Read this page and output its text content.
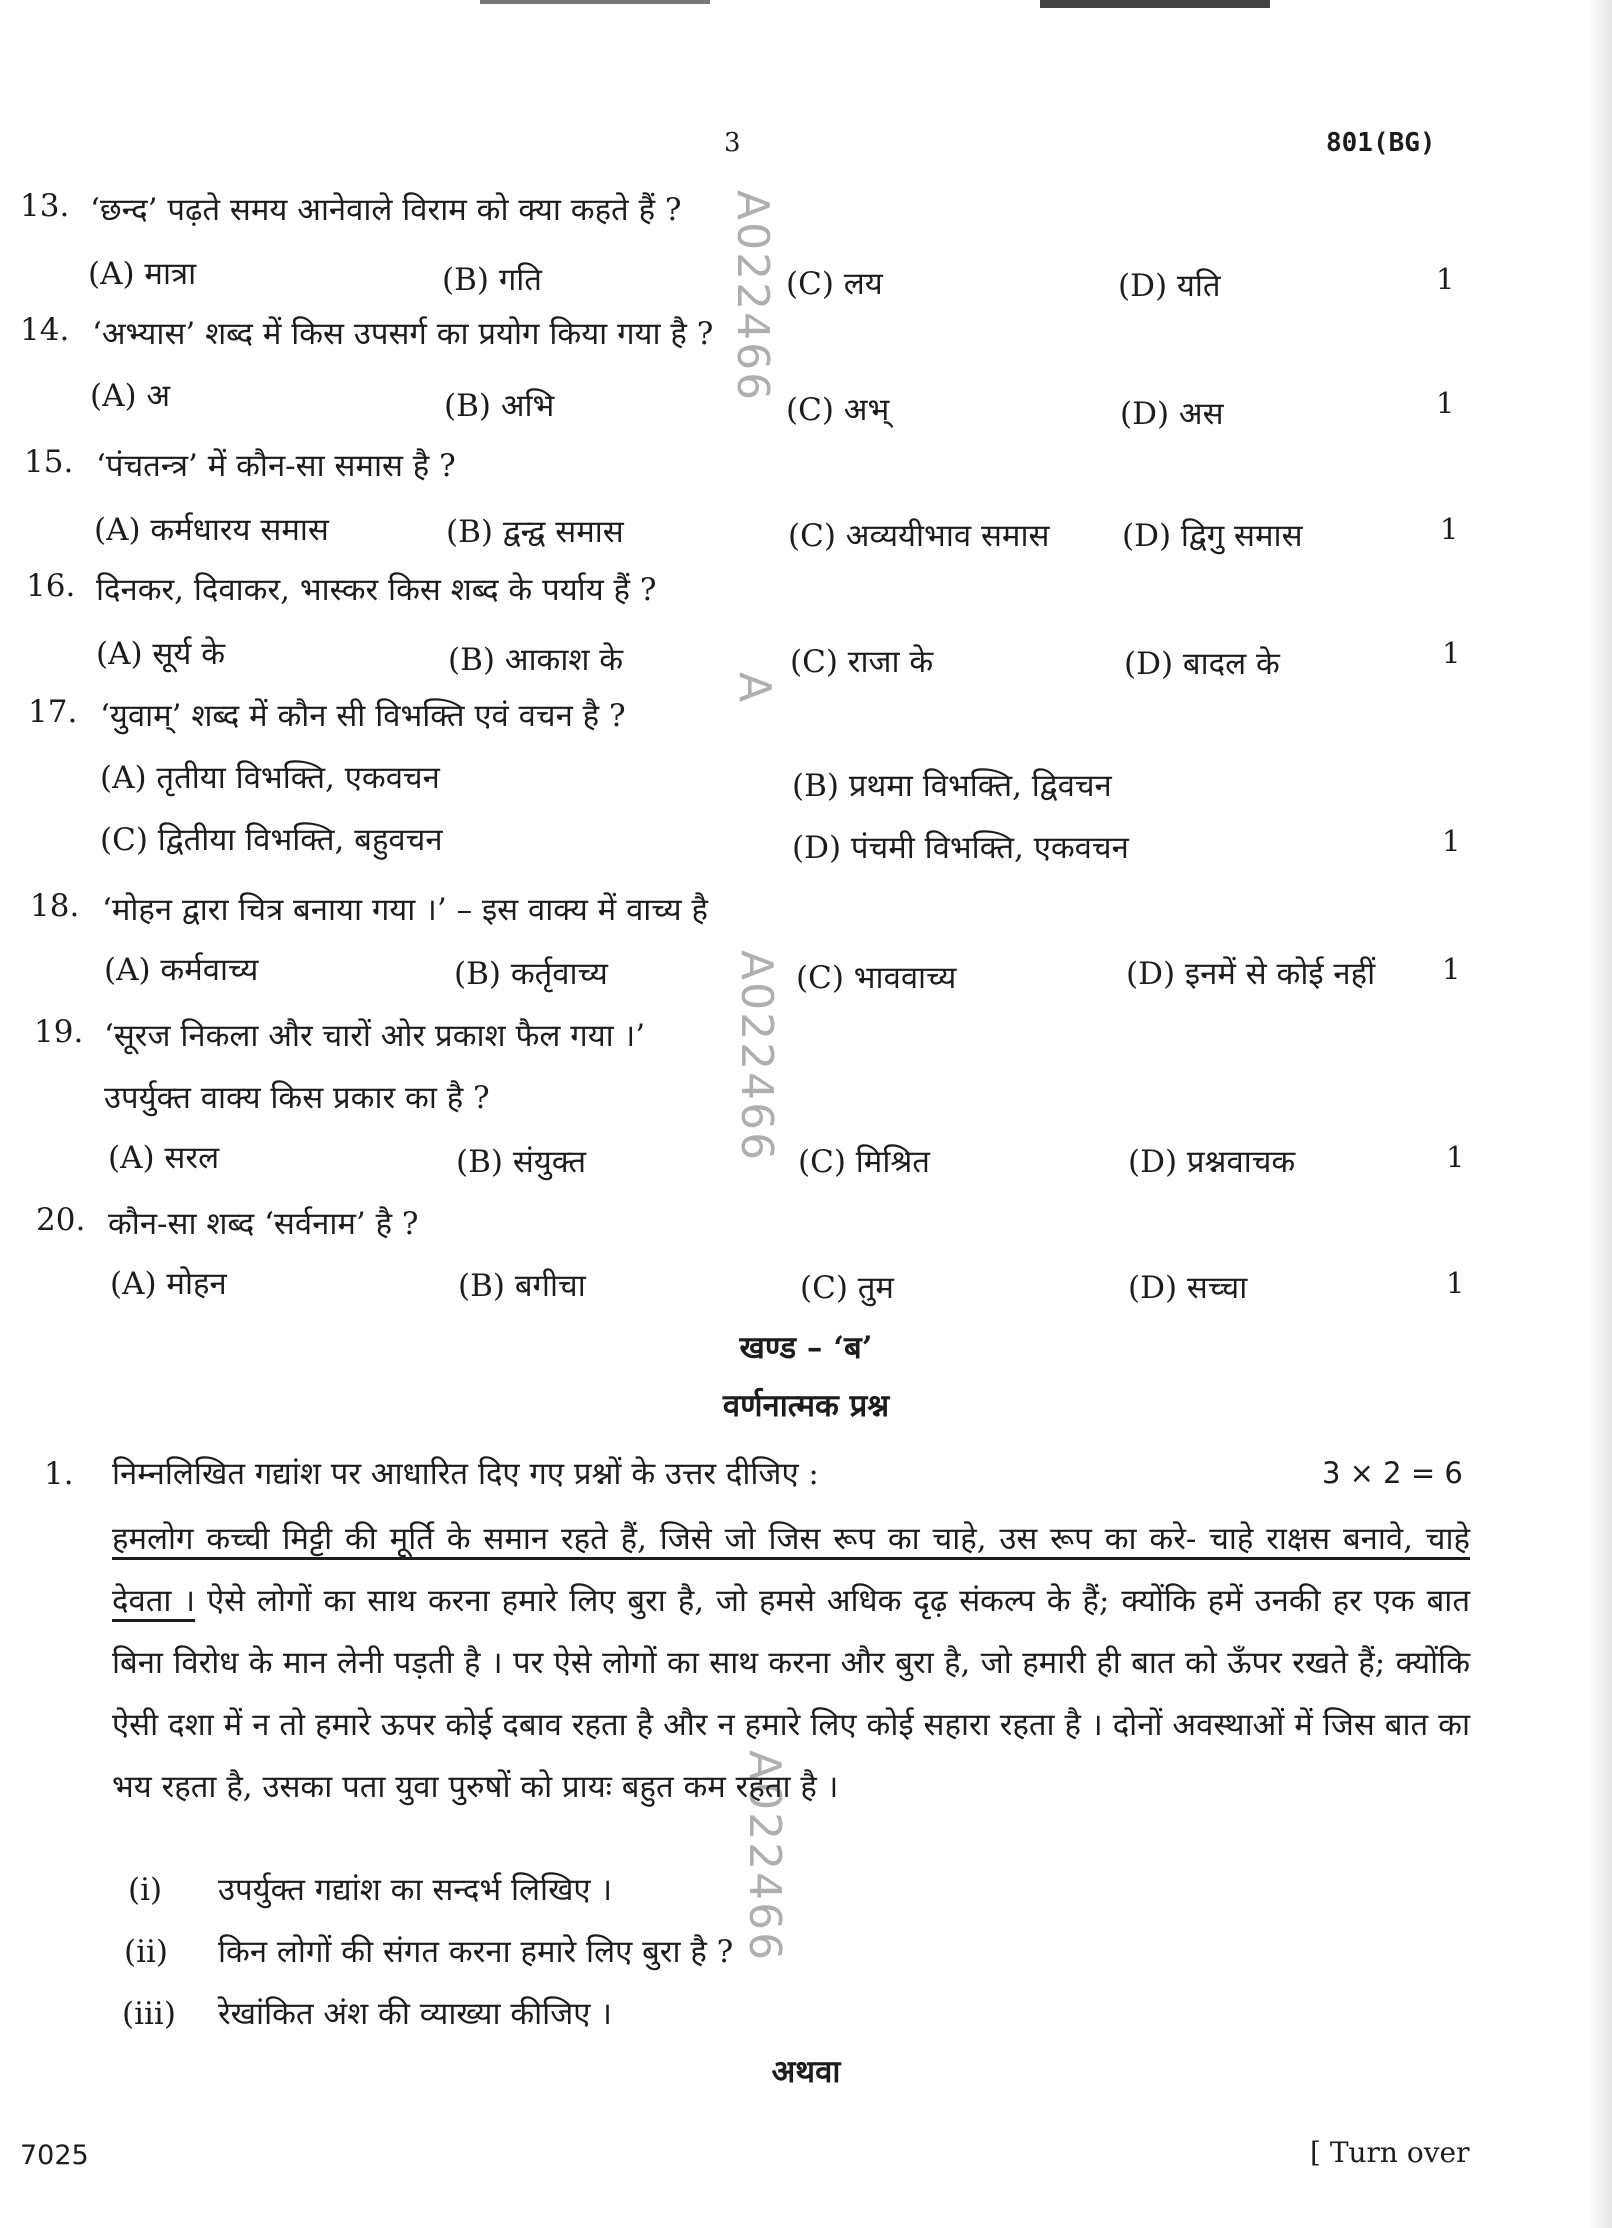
3	801(BG)
A022466
A
A022466
A022466
13. ‘छन्द’ पढ़ते समय आनेवाले विराम को क्या कहते हैं ?
(A) मात्रा	(B) गति	(C) लय	(D) यति	1
14. ‘अभ्यास’ शब्द में किस उपसर्ग का प्रयोग किया गया है ?
(A) अ	(B) अभि	(C) अभ्	(D) अस	1
15. ‘पंचतन्त्र’ में कौन-सा समास है ?
(A) कर्मधारय समास	(B) द्वन्द्व समास	(C) अव्ययीभाव समास (D) द्विगु समास	1
16. दिनकर, दिवाकर, भास्कर किस शब्द के पर्याय हैं ?
(A) सूर्य के	(B) आकाश के	(C) राजा के	(D) बादल के	1
17. ‘युवाम्’ शब्द में कौन सी विभक्ति एवं वचन है ?
(A) तृतीया विभक्ति, एकवचन	(B) प्रथमा विभक्ति, द्विवचन
(C) द्वितीया विभक्ति, बहुवचन	(D) पंचमी विभक्ति, एकवचन	1
18. ‘मोहन द्वारा चित्र बनाया गया ।’ – इस वाक्य में वाच्य है
(A) कर्मवाच्य	(B) कर्तृवाच्य	(C) भाववाच्य	(D) इनमें से कोई नहीं 1
19. ‘सूरज निकला और चारों ओर प्रकाश फैल गया ।’
उपर्युक्त वाक्य किस प्रकार का है ?
(A) सरल	(B) संयुक्त	(C) मिश्रित	(D) प्रश्नवाचक	1
20. कौन-सा शब्द ‘सर्वनाम’ है ?
(A) मोहन	(B) बगीचा	(C) तुम	(D) सच्चा	1
खण्ड – ‘ब’
वर्णनात्मक प्रश्न
1. निम्नलिखित गद्यांश पर आधारित दिए गए प्रश्नों के उत्तर दीजिए :	3 × 2 = 6
हमलोग कच्ची मिट्टी की मूर्ति के समान रहते हैं, जिसे जो जिस रूप का चाहे, उस रूप का करे- चाहे राक्षस बनावे, चाहे देवता । ऐसे लोगों का साथ करना हमारे लिए बुरा है, जो हमसे अधिक दृढ़ संकल्प के हैं; क्योंकि हमें उनकी हर एक बात बिना विरोध के मान लेनी पड़ती है । पर ऐसे लोगों का साथ करना और बुरा है, जो हमारी ही बात को ऊँपर रखते हैं; क्योंकि ऐसी दशा में न तो हमारे ऊपर कोई दबाव रहता है और न हमारे लिए कोई सहारा रहता है । दोनों अवस्थाओं में जिस बात का भय रहता है, उसका पता युवा पुरुषों को प्रायः बहुत कम रहता है ।
(i) उपर्युक्त गद्यांश का सन्दर्भ लिखिए ।
(ii) किन लोगों की संगत करना हमारे लिए बुरा है ?
(iii) रेखांकित अंश की व्याख्या कीजिए ।
अथवा
7025	[ Turn over
